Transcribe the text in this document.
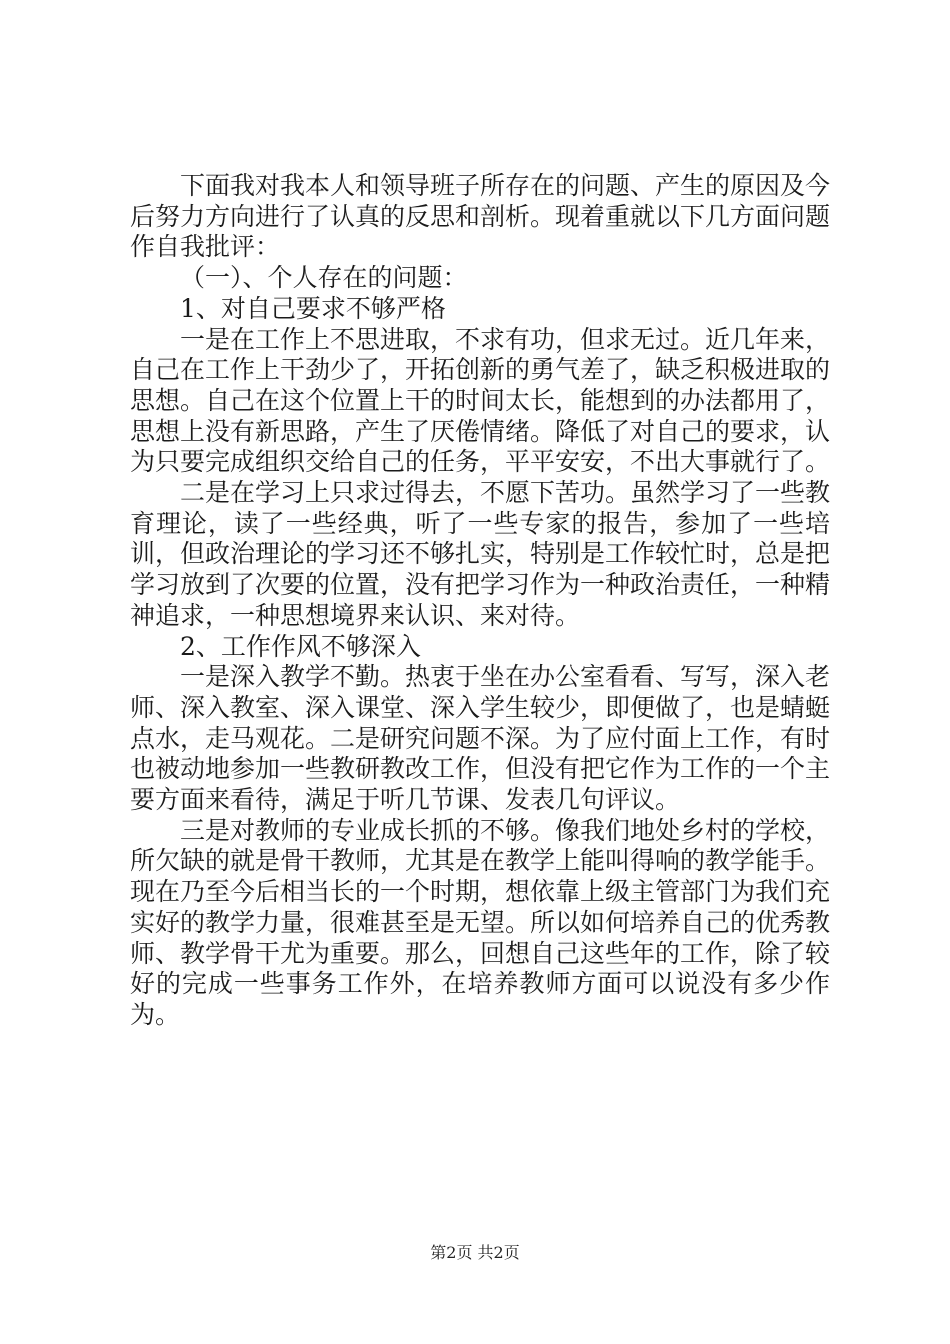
下面我对我本人和领导班子所存在的问题、产生的原因及今后努力方向进行了认真的反思和剖析。现着重就以下几方面问题作自我批评：

（一）、个人存在的问题：

1、对自己要求不够严格

一是在工作上不思进取，不求有功，但求无过。近几年来，自己在工作上干劲少了，开拓创新的勇气差了，缺乏积极进取的思想。自己在这个位置上干的时间太长，能想到的办法都用了，思想上没有新思路，产生了厌倦情绪。降低了对自己的要求，认为只要完成组织交给自己的任务，平平安安，不出大事就行了。

二是在学习上只求过得去，不愿下苦功。虽然学习了一些教育理论，读了一些经典，听了一些专家的报告，参加了一些培训，但政治理论的学习还不够扎实，特别是工作较忙时，总是把学习放到了次要的位置，没有把学习作为一种政治责任，一种精神追求，一种思想境界来认识、来对待。

2、工作作风不够深入

一是深入教学不勤。热衷于坐在办公室看看、写写，深入老师、深入教室、深入课堂、深入学生较少，即便做了，也是蜻蜓点水，走马观花。二是研究问题不深。为了应付面上工作，有时也被动地参加一些教研教改工作，但没有把它作为工作的一个主要方面来看待，满足于听几节课、发表几句评议。

三是对教师的专业成长抓的不够。像我们地处乡村的学校，所欠缺的就是骨干教师，尤其是在教学上能叫得响的教学能手。现在乃至今后相当长的一个时期，想依靠上级主管部门为我们充实好的教学力量，很难甚至是无望。所以如何培养自己的优秀教师、教学骨干尤为重要。那么，回想自己这些年的工作，除了较好的完成一些事务工作外，在培养教师方面可以说没有多少作为。

第2页 共2页
